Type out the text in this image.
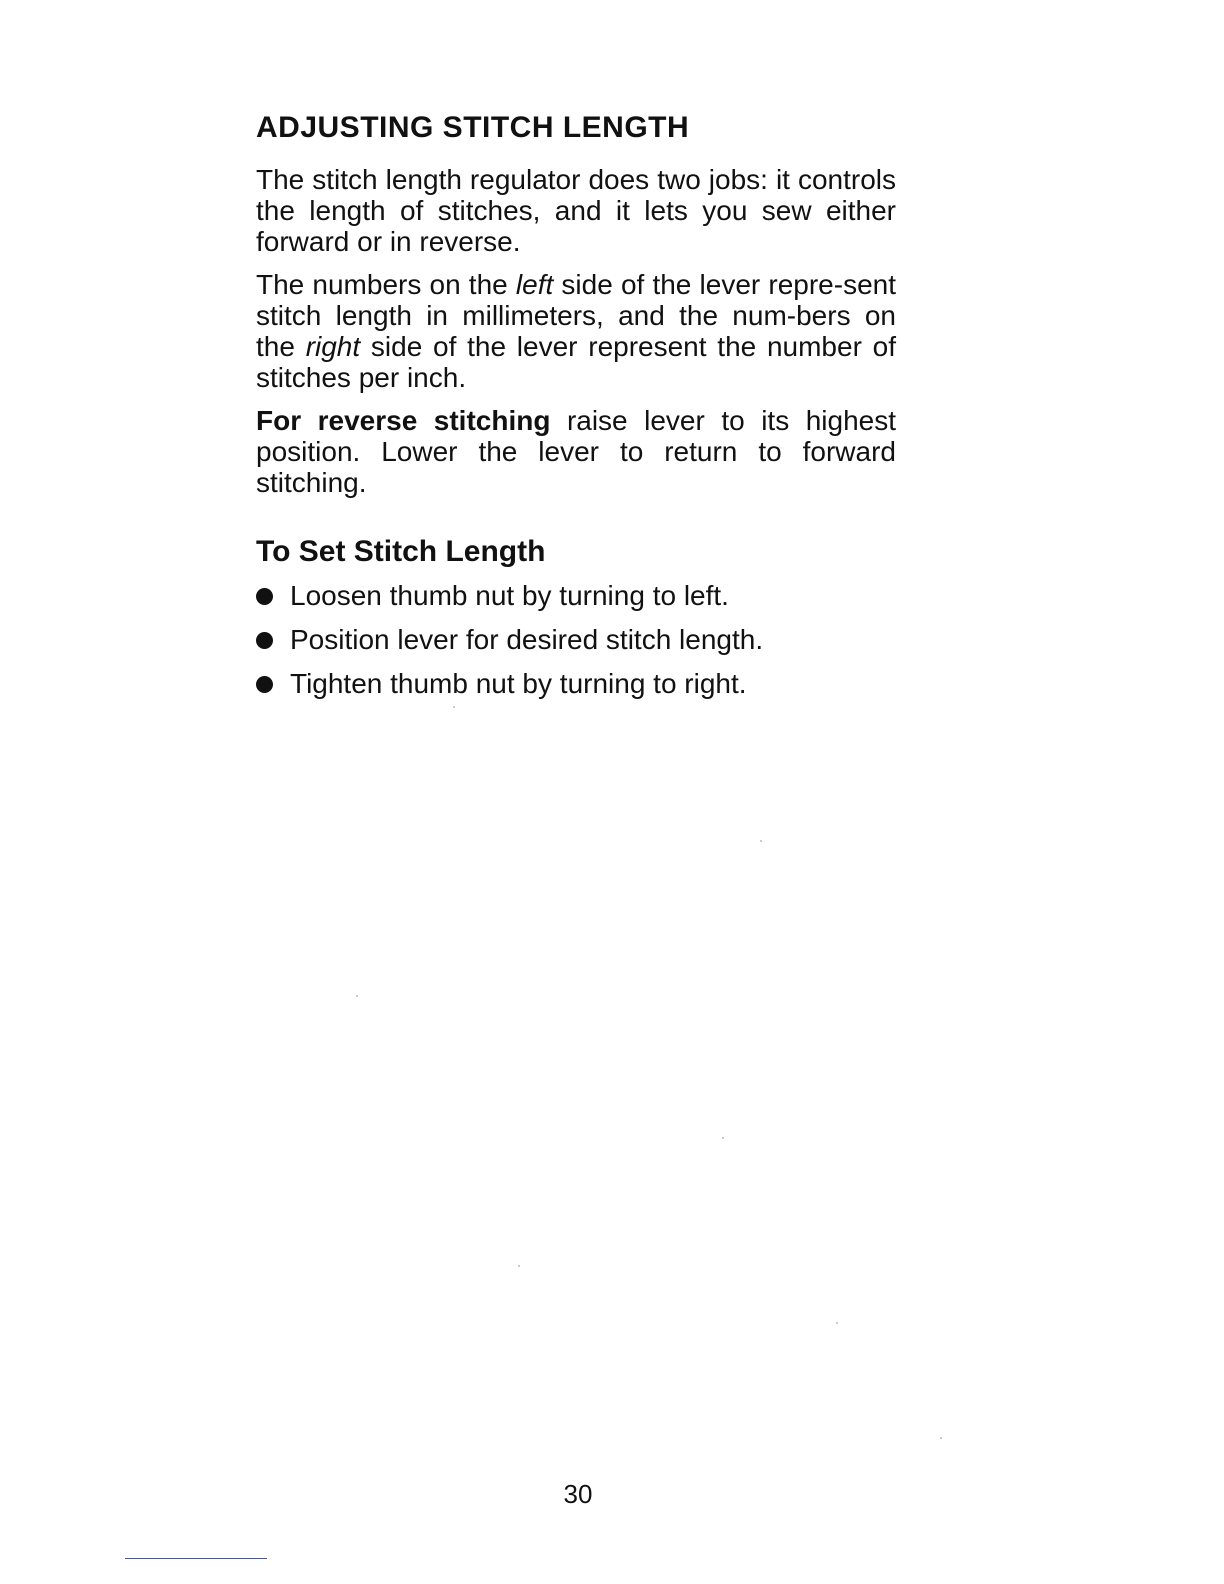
ADJUSTING STITCH LENGTH

The stitch length regulator does two jobs: it controls the length of stitches, and it lets you sew either forward or in reverse.

The numbers on the left side of the lever repre-sent stitch length in millimeters, and the num-bers on the right side of the lever represent the number of stitches per inch.

For reverse stitching raise lever to its highest position. Lower the lever to return to forward stitching.

To Set Stitch Length
Loosen thumb nut by turning to left.
Position lever for desired stitch length.
Tighten thumb nut by turning to right.
30
